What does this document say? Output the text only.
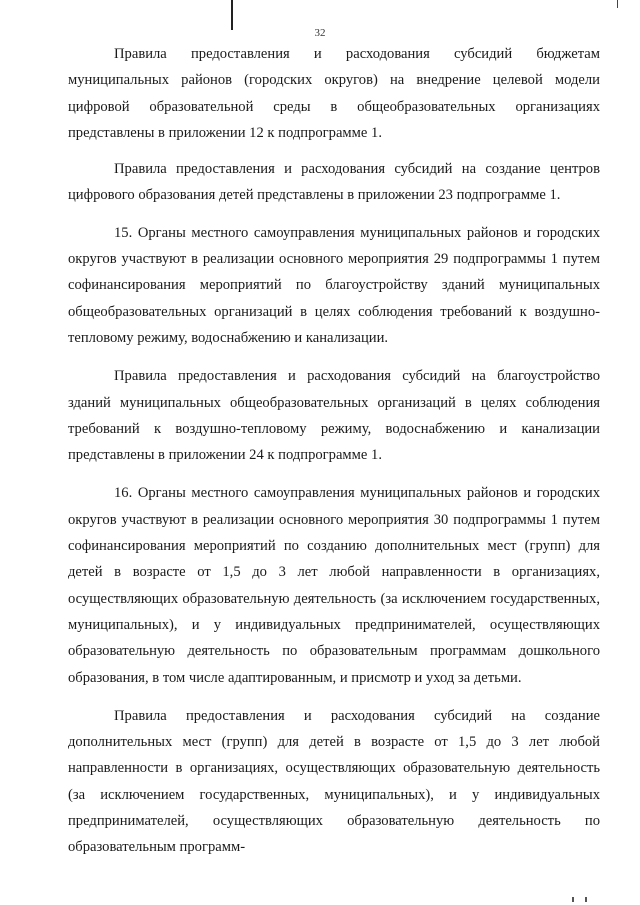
32

Правила предоставления и расходования субсидий бюджетам муниципальных районов (городских округов) на внедрение целевой модели цифровой образовательной среды в общеобразовательных организациях представлены в приложении 12 к подпрограмме 1.

Правила предоставления и расходования субсидий на создание центров цифрового образования детей представлены в приложении 23 подпрограмме 1.

15. Органы местного самоуправления муниципальных районов и городских округов участвуют в реализации основного мероприятия 29 подпрограммы 1 путем софинансирования мероприятий по благоустройству зданий муниципальных общеобразовательных организаций в целях соблюдения требований к воздушно-тепловому режиму, водоснабжению и канализации.

Правила предоставления и расходования субсидий на благоустройство зданий муниципальных общеобразовательных организаций в целях соблюдения требований к воздушно-тепловому режиму, водоснабжению и канализации представлены в приложении 24 к подпрограмме 1.

16. Органы местного самоуправления муниципальных районов и городских округов участвуют в реализации основного мероприятия 30 подпрограммы 1 путем софинансирования мероприятий по созданию дополнительных мест (групп) для детей в возрасте от 1,5 до 3 лет любой направленности в организациях, осуществляющих образовательную деятельность (за исключением государственных, муниципальных), и у индивидуальных предпринимателей, осуществляющих образовательную деятельность по образовательным программам дошкольного образования, в том числе адаптированным, и присмотр и уход за детьми.

Правила предоставления и расходования субсидий на создание дополнительных мест (групп) для детей в возрасте от 1,5 до 3 лет любой направленности в организациях, осуществляющих образовательную деятельность (за исключением государственных, муниципальных), и у индивидуальных предпринимателей, осуществляющих образовательную деятельность по образовательным программ-
